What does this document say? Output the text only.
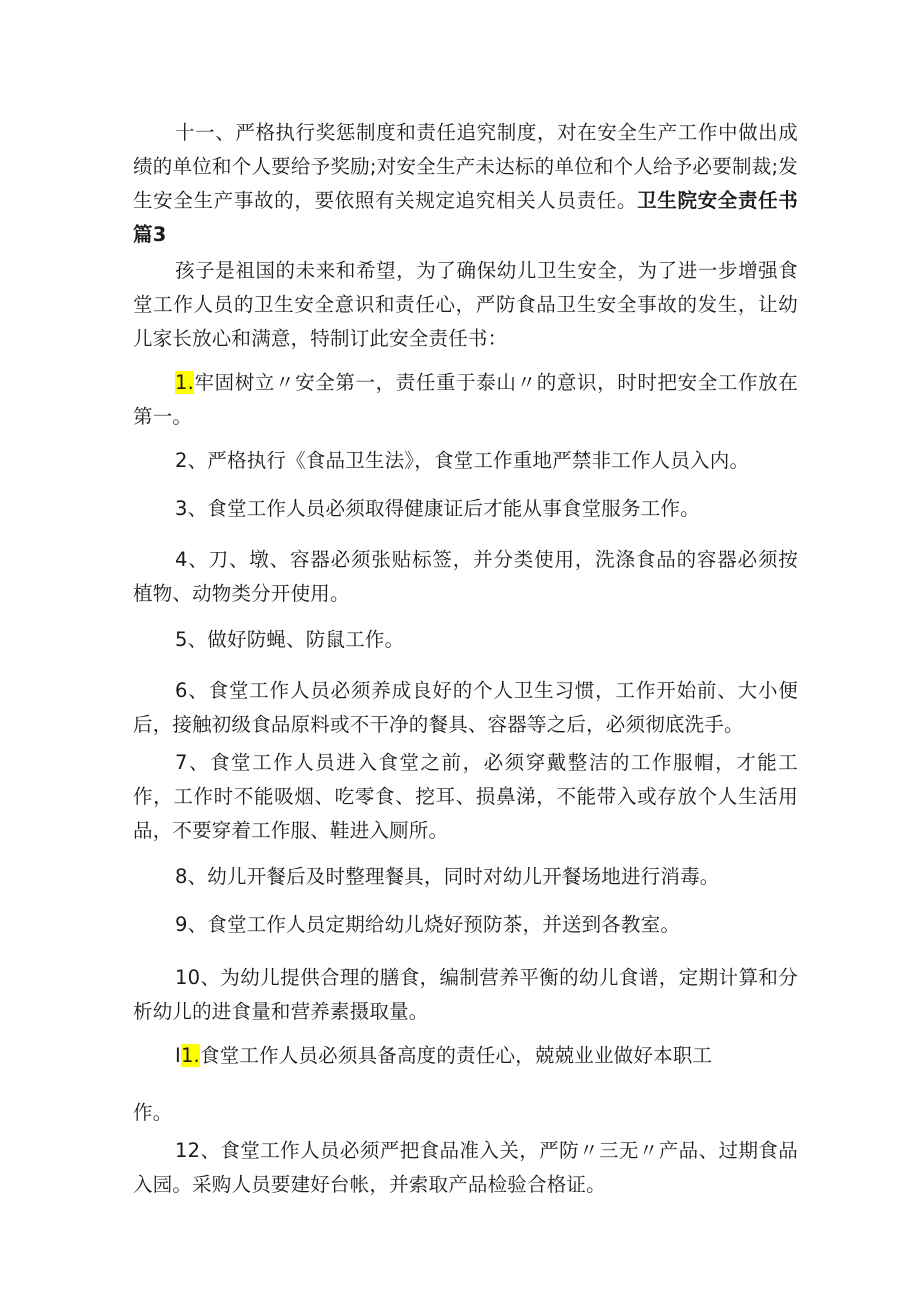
十一、严格执行奖惩制度和责任追究制度，对在安全生产工作中做出成绩的单位和个人要给予奖励;对安全生产未达标的单位和个人给予必要制裁;发生安全生产事故的，要依照有关规定追究相关人员责任。卫生院安全责任书篇3

孩子是祖国的未来和希望，为了确保幼儿卫生安全，为了进一步增强食堂工作人员的卫生安全意识和责任心，严防食品卫生安全事故的发生，让幼儿家长放心和满意，特制订此安全责任书：

1.牢固树立〃安全第一，责任重于泰山〃的意识，时时把安全工作放在第一。

2、严格执行《食品卫生法》，食堂工作重地严禁非工作人员入内。

3、食堂工作人员必须取得健康证后才能从事食堂服务工作。

4、刀、墩、容器必须张贴标签，并分类使用，洗涤食品的容器必须按植物、动物类分开使用。

5、做好防蝇、防鼠工作。

6、食堂工作人员必须养成良好的个人卫生习惯，工作开始前、大小便后，接触初级食品原料或不干净的餐具、容器等之后，必须彻底洗手。

7、食堂工作人员进入食堂之前，必须穿戴整洁的工作服帽，才能工作，工作时不能吸烟、吃零食、挖耳、损鼻涕，不能带入或存放个人生活用品，不要穿着工作服、鞋进入厕所。

8、幼儿开餐后及时整理餐具，同时对幼儿开餐场地进行消毒。

9、食堂工作人员定期给幼儿烧好预防茶，并送到各教室。

10、为幼儿提供合理的膳食，编制营养平衡的幼儿食谱，定期计算和分析幼儿的进食量和营养素摄取量。

I1.食堂工作人员必须具备高度的责任心，兢兢业业做好本职工

作。

12、食堂工作人员必须严把食品准入关，严防〃三无〃产品、过期食品入园。采购人员要建好台帐，并索取产品检验合格证。
